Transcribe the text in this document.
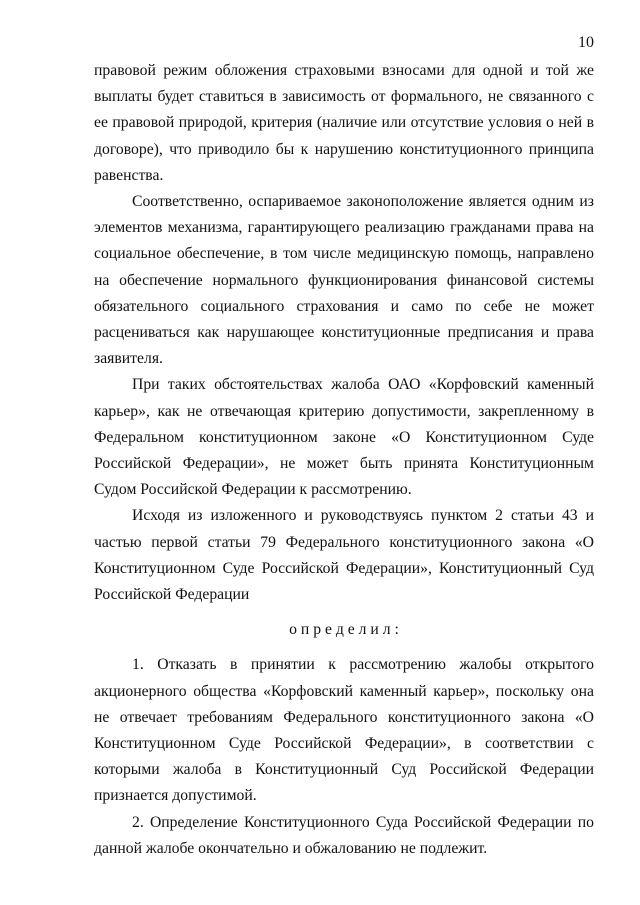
10

правовой режим обложения страховыми взносами для одной и той же выплаты будет ставиться в зависимость от формального, не связанного с ее правовой природой, критерия (наличие или отсутствие условия о ней в договоре), что приводило бы к нарушению конституционного принципа равенства.

Соответственно, оспариваемое законоположение является одним из элементов механизма, гарантирующего реализацию гражданами права на социальное обеспечение, в том числе медицинскую помощь, направлено на обеспечение нормального функционирования финансовой системы обязательного социального страхования и само по себе не может расцениваться как нарушающее конституционные предписания и права заявителя.

При таких обстоятельствах жалоба ОАО «Корфовский каменный карьер», как не отвечающая критерию допустимости, закрепленному в Федеральном конституционном законе «О Конституционном Суде Российской Федерации», не может быть принята Конституционным Судом Российской Федерации к рассмотрению.

Исходя из изложенного и руководствуясь пунктом 2 статьи 43 и частью первой статьи 79 Федерального конституционного закона «О Конституционном Суде Российской Федерации», Конституционный Суд Российской Федерации

о п р е д е л и л :

1. Отказать в принятии к рассмотрению жалобы открытого акционерного общества «Корфовский каменный карьер», поскольку она не отвечает требованиям Федерального конституционного закона «О Конституционном Суде Российской Федерации», в соответствии с которыми жалоба в Конституционный Суд Российской Федерации признается допустимой.

2. Определение Конституционного Суда Российской Федерации по данной жалобе окончательно и обжалованию не подлежит.
